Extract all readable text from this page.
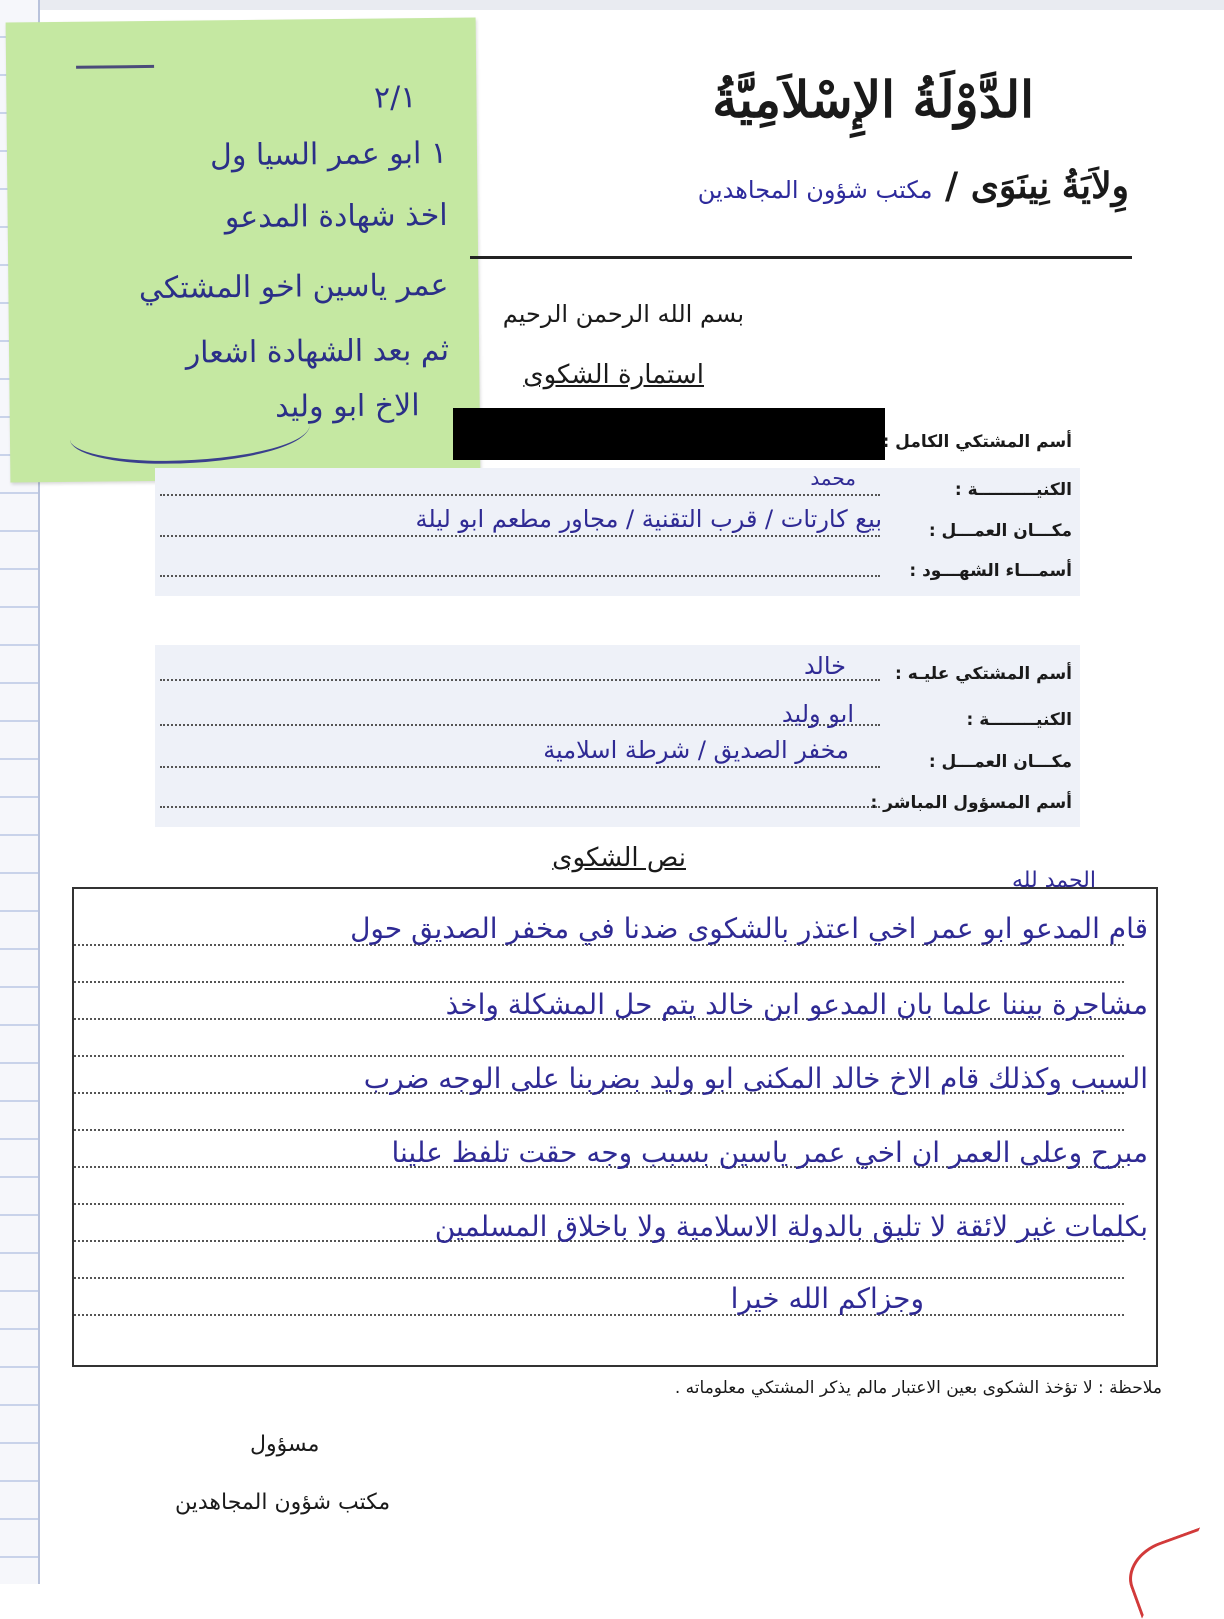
٢/١
١ ابو عمر السيا ول
اخذ شهادة المدعو
عمر ياسين اخو المشتكي
ثم بعد الشهادة اشعار
الاخ ابو وليد
الدَّوْلَةُ الإِسْلاَمِيَّةُ
وِلاَيَةُ نِينَوَى / مكتب شؤون المجاهدين
بسم الله الرحمن الرحيم
استمارة الشكوى
أسم المشتكي الكامل :
الكنيــــــــــة :
محمد
مكـــان العمـــل :
بيع كارتات / قرب التقنية / مجاور مطعم ابو ليلة
أسمـــاء الشهـــود :
أسم المشتكي عليـه :
خالد
الكنيــــــــة :
ابو وليد
مكـــان العمـــل :
مخفر الصديق / شرطة اسلامية
أسم المسؤول المباشر :
نص الشكوى
الحمد لله
قام المدعو ابو عمر اخي اعتذر بالشكوى ضدنا في مخفر الصديق حول
مشاجرة بيننا علما بان المدعو ابن خالد يتم حل المشكلة واخذ
السبب وكذلك قام الاخ خالد المكنى ابو وليد بضربنا على الوجه ضرب
مبرح وعلى العمر ان اخي عمر ياسين بسبب وجه حقت تلفظ علينا
بكلمات غير لائقة لا تليق بالدولة الاسلامية ولا باخلاق المسلمين
وجزاكم الله خيرا
ملاحظة : لا تؤخذ الشكوى بعين الاعتبار مالم يذكر المشتكي معلوماته .
مسؤول
مكتب شؤون المجاهدين
